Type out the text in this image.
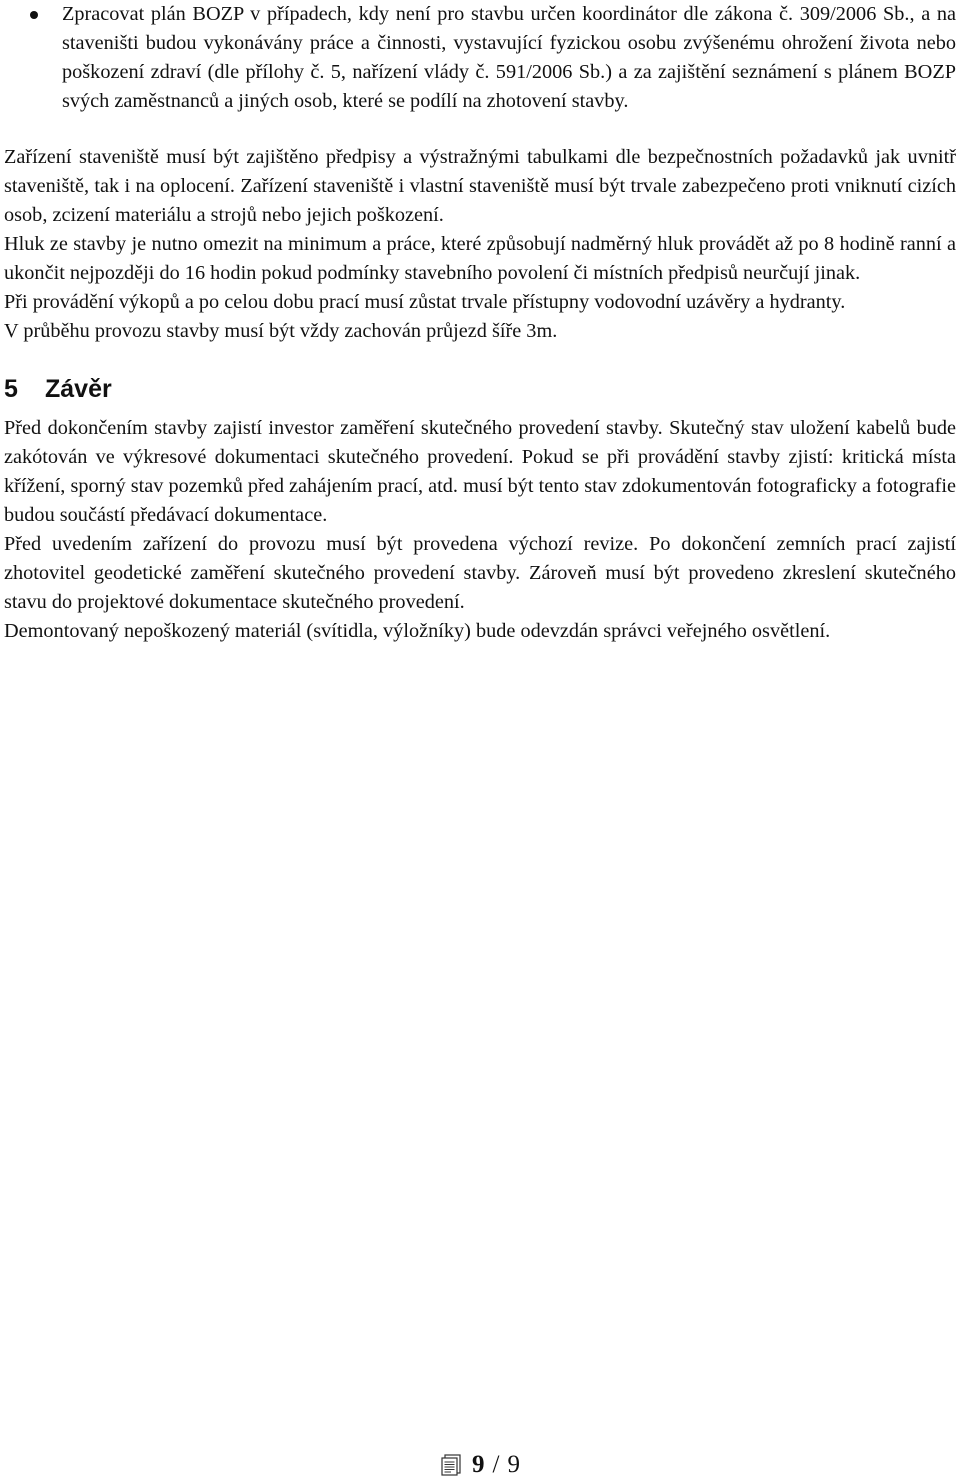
Zpracovat plán BOZP v případech, kdy není pro stavbu určen koordinátor dle zákona č. 309/2006 Sb., a na staveništi budou vykonávány práce a činnosti, vystavující fyzickou osobu zvýšenému ohrožení života nebo poškození zdraví (dle přílohy č. 5, nařízení vlády č. 591/2006 Sb.) a za zajištění seznámení s plánem BOZP svých zaměstnanců a jiných osob, které se podílí na zhotovení stavby.

Zařízení staveniště musí být zajištěno předpisy a výstražnými tabulkami dle bezpečnostních požadavků jak uvnitř staveniště, tak i na oplocení. Zařízení staveniště i vlastní staveniště musí být trvale zabezpečeno proti vniknutí cizích osob, zcizení materiálu a strojů nebo jejich poškození.

Hluk ze stavby je nutno omezit na minimum a práce, které způsobují nadměrný hluk provádět až po 8 hodině ranní a ukončit nejpozději do 16 hodin pokud podmínky stavebního povolení či místních předpisů neurčují jinak.

Při provádění výkopů a po celou dobu prací musí zůstat trvale přístupny vodovodní uzávěry a hydranty.

V průběhu provozu stavby musí být vždy zachován průjezd šíře 3m.

5	Závěr

Před dokončením stavby zajistí investor zaměření skutečného provedení stavby. Skutečný stav uložení kabelů bude zakótován ve výkresové dokumentaci skutečného provedení. Pokud se při provádění stavby zjistí: kritická místa křížení, sporný stav pozemků před zahájením prací, atd. musí být tento stav zdokumentován fotograficky a fotografie budou součástí předávací dokumentace.

Před uvedením zařízení do provozu musí být provedena výchozí revize. Po dokončení zemních prací zajistí zhotovitel geodetické zaměření skutečného provedení stavby. Zároveň musí být provedeno zkreslení skutečného stavu do projektové dokumentace skutečného provedení.

Demontovaný nepoškozený materiál (svítidla, výložníky) bude odevzdán správci veřejného osvětlení.

9 / 9
